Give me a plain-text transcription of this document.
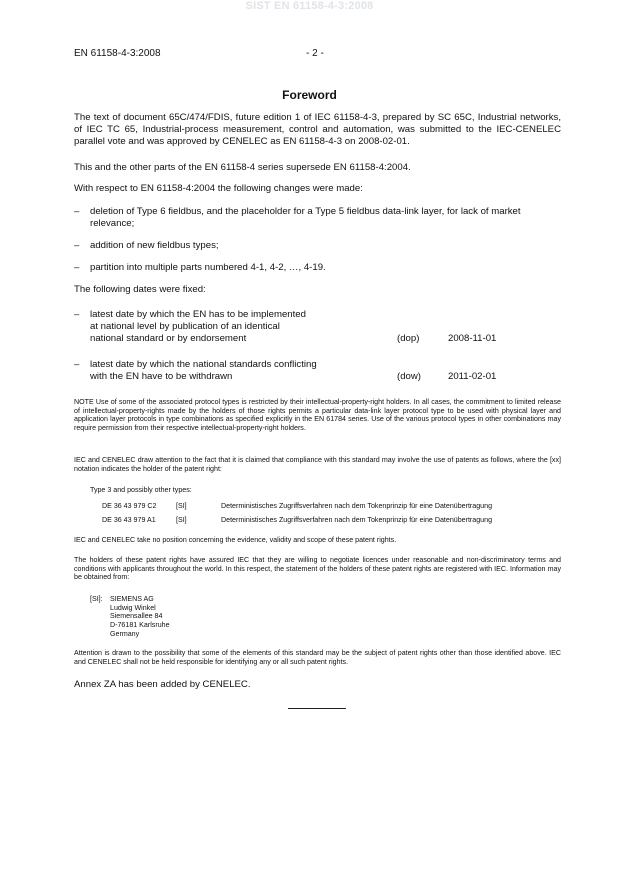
SIST EN 61158-4-3:2008
EN 61158-4-3:2008	- 2 -
Foreword
The text of document 65C/474/FDIS, future edition 1 of IEC 61158-4-3, prepared by SC 65C, Industrial networks, of IEC TC 65, Industrial-process measurement, control and automation, was submitted to the IEC-CENELEC parallel vote and was approved by CENELEC as EN 61158-4-3 on 2008-02-01.
This and the other parts of the EN 61158-4 series supersede EN 61158-4:2004.
With respect to EN 61158-4:2004 the following changes were made:
– deletion of Type 6 fieldbus, and the placeholder for a Type 5 fieldbus data-link layer, for lack of market relevance;
– addition of new fieldbus types;
– partition into multiple parts numbered 4-1, 4-2, …, 4-19.
The following dates were fixed:
– latest date by which the EN has to be implemented
at national level by publication of an identical
national standard or by endorsement	(dop)	2008-11-01
– latest date by which the national standards conflicting
with the EN have to be withdrawn	(dow)	2011-02-01
NOTE Use of some of the associated protocol types is restricted by their intellectual-property-right holders. In all cases, the commitment to limited release of intellectual-property-rights made by the holders of those rights permits a particular data-link layer protocol type to be used with physical layer and application layer protocols in type combinations as specified explicitly in the EN 61784 series. Use of the various protocol types in other combinations may require permission from their respective intellectual-property-right holders.
IEC and CENELEC draw attention to the fact that it is claimed that compliance with this standard may involve the use of patents as follows, where the [xx] notation indicates the holder of the patent right:
Type 3 and possibly other types:
DE 36 43 979 C2	[SI]	Deterministisches Zugriffsverfahren nach dem Tokenprinzip für eine Datenübertragung
DE 36 43 979 A1	[SI]	Deterministisches Zugriffsverfahren nach dem Tokenprinzip für eine Datenübertragung
IEC and CENELEC take no position concerning the evidence, validity and scope of these patent rights.
The holders of these patent rights have assured IEC that they are willing to negotiate licences under reasonable and non-discriminatory terms and conditions with applicants throughout the world. In this respect, the statement of the holders of these patent rights are registered with IEC. Information may be obtained from:
[SI]: SIEMENS AG
Ludwig Winkel
Siemensallee 84
D-76181 Karlsruhe
Germany
Attention is drawn to the possibility that some of the elements of this standard may be the subject of patent rights other than those identified above. IEC and CENELEC shall not be held responsible for identifying any or all such patent rights.
Annex ZA has been added by CENELEC.
